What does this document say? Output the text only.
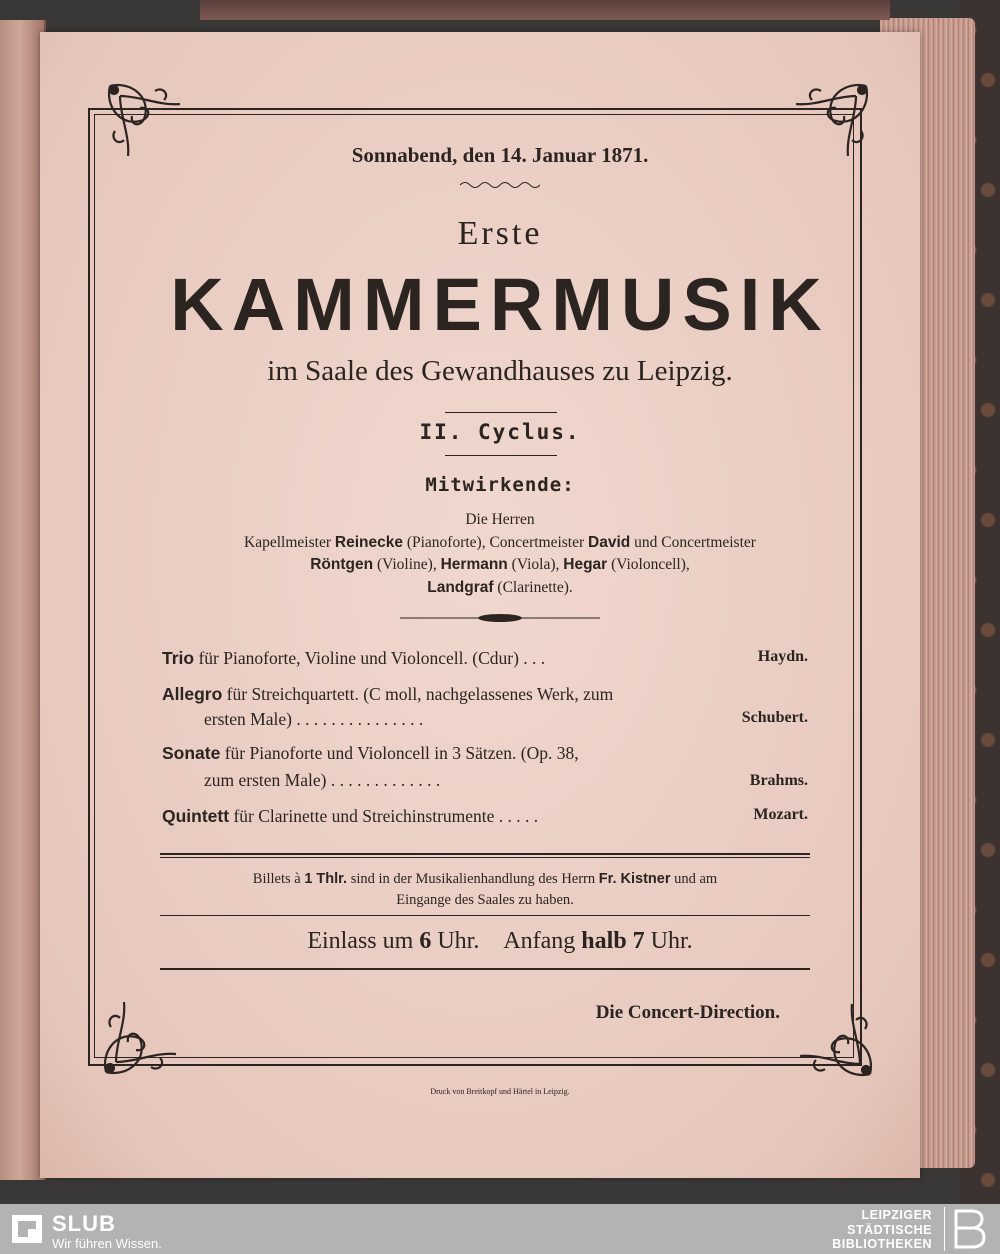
Sonnabend, den 14. Januar 1871.
Erste
KAMMERMUSIK
im Saale des Gewandhauses zu Leipzig.
II. Cyclus.
Mitwirkende:
Die Herren
Kapellmeister Reinecke (Pianoforte), Concertmeister David und Concertmeister
Röntgen (Violine), Hermann (Viola), Hegar (Violoncell),
Landgraf (Clarinette).
Trio für Pianoforte, Violine und Violoncell. (Cdur) . . .	Haydn.
Allegro für Streichquartett. (C moll, nachgelassenes Werk, zum
ersten Male) . . . . . . . . . . . . . . .	Schubert.
Sonate für Pianoforte und Violoncell in 3 Sätzen. (Op. 38,
zum ersten Male) . . . . . . . . . . . . .	Brahms.
Quintett für Clarinette und Streichinstrumente . . . . .	Mozart.
Billets à 1 Thlr. sind in der Musikalienhandlung des Herrn Fr. Kistner und am
Eingange des Saales zu haben.
Einlass um 6 Uhr. Anfang halb 7 Uhr.
Die Concert-Direction.
Druck von Breitkopf und Härtel in Leipzig.
SLUB
Wir führen Wissen.
LEIPZIGER
STÄDTISCHE
BIBLIOTHEKEN
